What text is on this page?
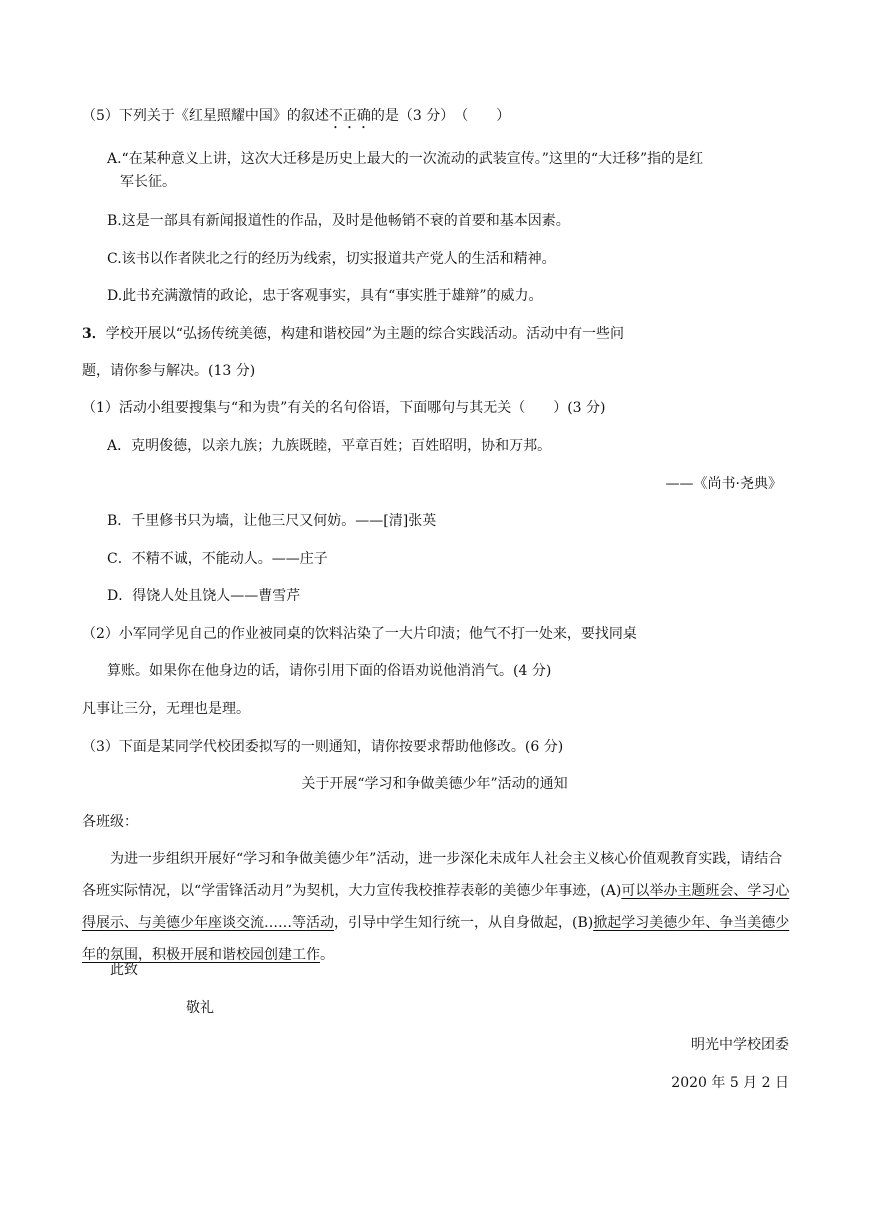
（5）下列关于《红星照耀中国》的叙述不正确的是（3 分）　（　　）
A.“在某种意义上讲，这次大迁移是历史上最大的一次流动的武装宣传。”这里的“大迁移”指的是红
军长征。
B.这是一部具有新闻报道性的作品，及时是他畅销不衰的首要和基本因素。
C.该书以作者陕北之行的经历为线索，切实报道共产党人的生活和精神。
D.此书充满激情的政论，忠于客观事实，具有“事实胜于雄辩”的威力。
3．学校开展以“弘扬传统美德，构建和谐校园”为主题的综合实践活动。活动中有一些问
题，请你参与解决。(13 分)
（1）活动小组要搜集与“和为贵”有关的名句俗语，下面哪句与其无关（　　）(3 分)
A．克明俊德，以亲九族；九族既睦，平章百姓；百姓昭明，协和万邦。
——《尚书·尧典》
B．千里修书只为墙，让他三尺又何妨。——[清]张英
C．不精不诚，不能动人。——庄子
D．得饶人处且饶人——曹雪芹
（2）小军同学见自己的作业被同桌的饮料沾染了一大片印渍；他气不打一处来，要找同桌
算账。如果你在他身边的话，请你引用下面的俗语劝说他消消气。(4 分)
凡事让三分，无理也是理。
（3）下面是某同学代校团委拟写的一则通知，请你按要求帮助他修改。(6 分)
关于开展“学习和争做美德少年”活动的通知
各班级：
为进一步组织开展好“学习和争做美德少年”活动，进一步深化未成年人社会主义核心价值观教育实践，请结合各班实际情况，以“学雷锋活动月”为契机，大力宣传我校推荐表彰的美德少年事迹，(A)可以举办主题班会、学习心得展示、与美德少年座谈交流……等活动，引导中学生知行统一，从自身做起，(B)掀起学习美德少年、争当美德少年的氛围，积极开展和谐校园创建工作。
此致
敬礼
明光中学校团委
2020 年 5 月 2 日
